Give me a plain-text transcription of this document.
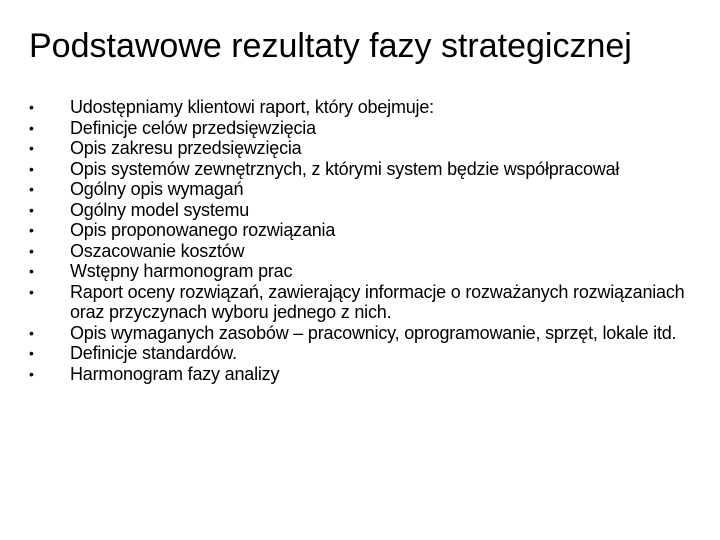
Podstawowe rezultaty fazy strategicznej
•	Udostępniamy klientowi raport, który obejmuje:
•	Definicje celów przedsięwzięcia
•	Opis zakresu przedsięwzięcia
•	Opis systemów zewnętrznych, z którymi system będzie współpracował
•	Ogólny opis wymagań
•	Ogólny model systemu
•	Opis proponowanego rozwiązania
•	Oszacowanie kosztów
•	Wstępny harmonogram prac
•	Raport oceny rozwiązań, zawierający informacje o rozważanych rozwiązaniach oraz przyczynach wyboru jednego z nich.
•	Opis wymaganych zasobów – pracownicy, oprogramowanie, sprzęt, lokale itd.
•	Definicje standardów.
•	Harmonogram fazy analizy
